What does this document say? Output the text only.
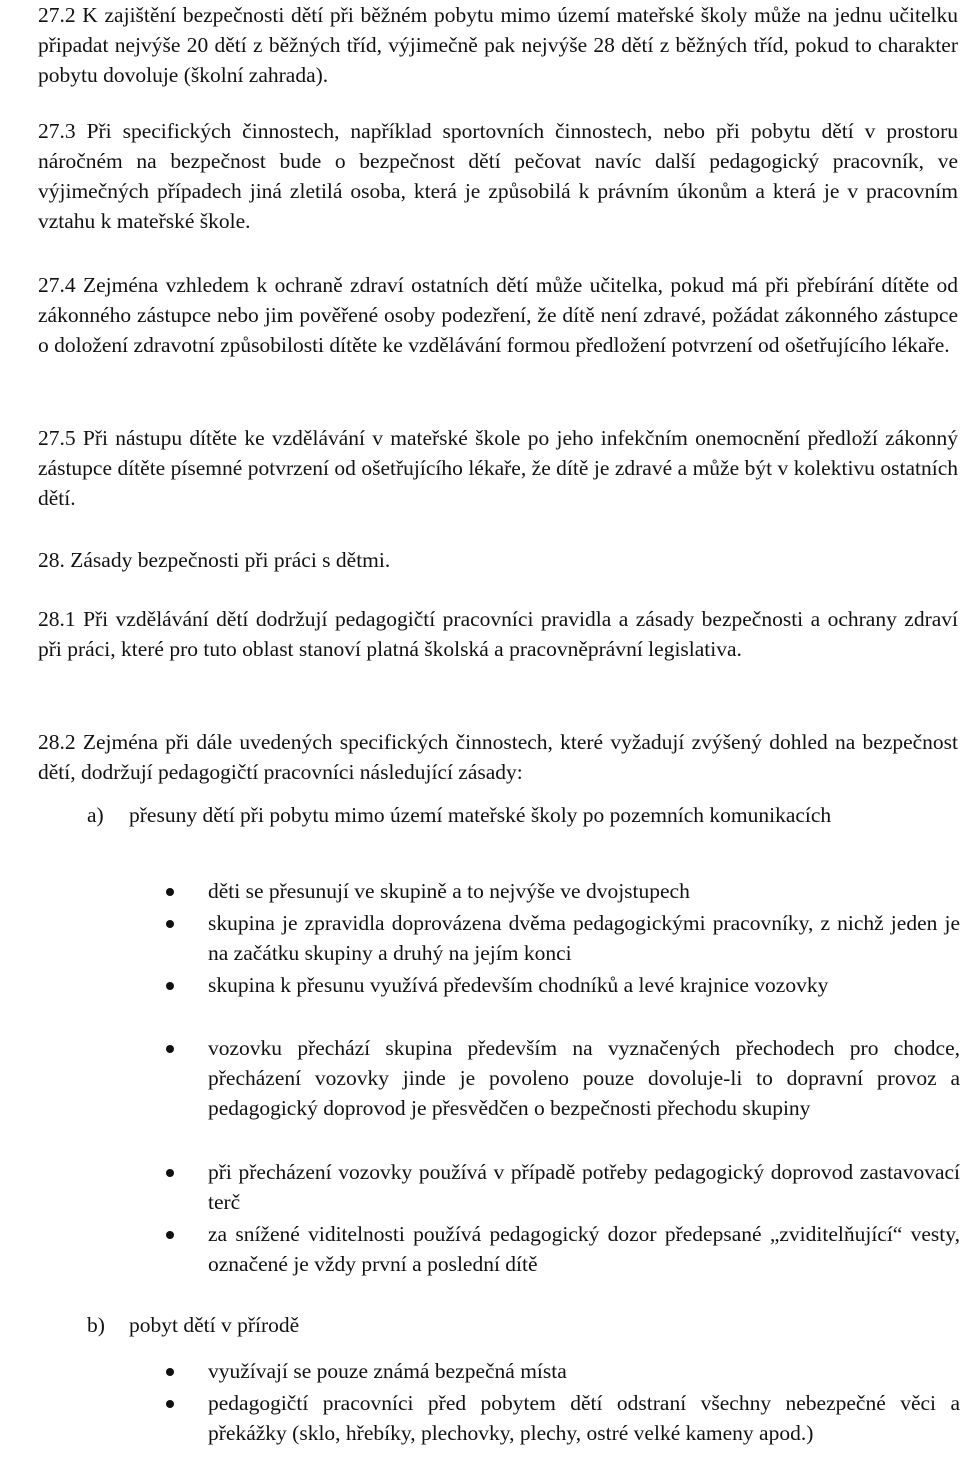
27.2 K zajištění bezpečnosti dětí při běžném pobytu mimo území mateřské školy může na jednu učitelku připadat nejvýše 20 dětí z běžných tříd, výjimečně pak nejvýše 28 dětí z běžných tříd, pokud to charakter pobytu dovoluje (školní zahrada).

27.3 Při specifických činnostech, například sportovních činnostech, nebo při pobytu dětí v prostoru náročném na bezpečnost bude o bezpečnost dětí pečovat navíc další pedagogický pracovník, ve výjimečných případech jiná zletilá osoba, která je způsobilá k právním úkonům a která je v pracovním vztahu k mateřské škole.

27.4 Zejména vzhledem k ochraně zdraví ostatních dětí může učitelka, pokud má při přebírání dítěte od zákonného zástupce nebo jim pověřené osoby podezření, že dítě není zdravé, požádat zákonného zástupce o doložení zdravotní způsobilosti dítěte ke vzdělávání formou předložení potvrzení od ošetřujícího lékaře.

27.5 Při nástupu dítěte ke vzdělávání v mateřské škole po jeho infekčním onemocnění předloží zákonný zástupce dítěte písemné potvrzení od ošetřujícího lékaře, že dítě je zdravé a může být v kolektivu ostatních dětí.

28. Zásady bezpečnosti při práci s dětmi.

28.1 Při vzdělávání dětí dodržují pedagogičtí pracovníci pravidla a zásady bezpečnosti a ochrany zdraví při práci, které pro tuto oblast stanoví platná školská a pracovněprávní legislativa.

28.2 Zejména při dále uvedených specifických činnostech, které vyžadují zvýšený dohled na bezpečnost dětí, dodržují pedagogičtí pracovníci následující zásady:

a) přesuny dětí při pobytu mimo území mateřské školy po pozemních komunikacích
děti se přesunují ve skupině a to nejvýše ve dvojstupech
skupina je zpravidla doprovázena dvěma pedagogickými pracovníky, z nichž jeden je na začátku skupiny a druhý na jejím konci
skupina k přesunu využívá především chodníků a levé krajnice vozovky
vozovku přechází skupina především na vyznačených přechodech pro chodce, přecházení vozovky jinde je povoleno pouze dovoluje-li to dopravní provoz a pedagogický doprovod je přesvědčen o bezpečnosti přechodu skupiny
při přecházení vozovky používá v případě potřeby pedagogický doprovod zastavovací terč
za snížené viditelnosti používá pedagogický dozor předepsané „zviditelňující“ vesty, označené je vždy první a poslední dítě
b) pobyt dětí v přírodě
využívají se pouze známá bezpečná místa
pedagogičtí pracovníci před pobytem dětí odstraní všechny nebezpečné věci a překážky (sklo, hřebíky, plechovky, plechy, ostré velké kameny apod.)
